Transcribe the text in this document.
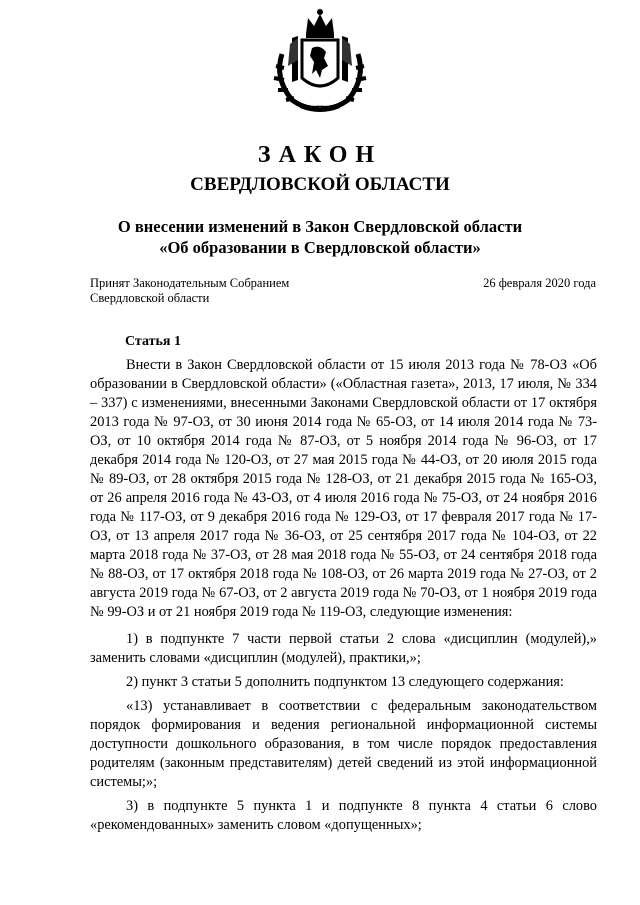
ЗАКОН
СВЕРДЛОВСКОЙ ОБЛАСТИ
О внесении изменений в Закон Свердловской области
«Об образовании в Свердловской области»
Принят Законодательным Собранием
Свердловской области
26 февраля 2020 года
Статья 1

Внести в Закон Свердловской области от 15 июля 2013 года № 78-ОЗ «Об образовании в Свердловской области» («Областная газета», 2013, 17 июля, № 334 – 337) с изменениями, внесенными Законами Свердловской области от 17 октября 2013 года № 97-ОЗ, от 30 июня 2014 года № 65-ОЗ, от 14 июля 2014 года № 73-ОЗ, от 10 октября 2014 года № 87-ОЗ, от 5 ноября 2014 года № 96-ОЗ, от 17 декабря 2014 года № 120-ОЗ, от 27 мая 2015 года № 44-ОЗ, от 20 июля 2015 года № 89-ОЗ, от 28 октября 2015 года № 128-ОЗ, от 21 декабря 2015 года № 165-ОЗ, от 26 апреля 2016 года № 43-ОЗ, от 4 июля 2016 года № 75-ОЗ, от 24 ноября 2016 года № 117-ОЗ, от 9 декабря 2016 года № 129-ОЗ, от 17 февраля 2017 года № 17-ОЗ, от 13 апреля 2017 года № 36-ОЗ, от 25 сентября 2017 года № 104-ОЗ, от 22 марта 2018 года № 37-ОЗ, от 28 мая 2018 года № 55-ОЗ, от 24 сентября 2018 года № 88-ОЗ, от 17 октября 2018 года № 108-ОЗ, от 26 марта 2019 года № 27-ОЗ, от 2 августа 2019 года № 67-ОЗ, от 2 августа 2019 года № 70-ОЗ, от 1 ноября 2019 года № 99-ОЗ и от 21 ноября 2019 года № 119-ОЗ, следующие изменения:

1) в подпункте 7 части первой статьи 2 слова «дисциплин (модулей),» заменить словами «дисциплин (модулей), практики,»;

2) пункт 3 статьи 5 дополнить подпунктом 13 следующего содержания:

«13) устанавливает в соответствии с федеральным законодательством порядок формирования и ведения региональной информационной системы доступности дошкольного образования, в том числе порядок предоставления родителям (законным представителям) детей сведений из этой информационной системы;»;

3) в подпункте 5 пункта 1 и подпункте 8 пункта 4 статьи 6 слово «рекомендованных» заменить словом «допущенных»;
